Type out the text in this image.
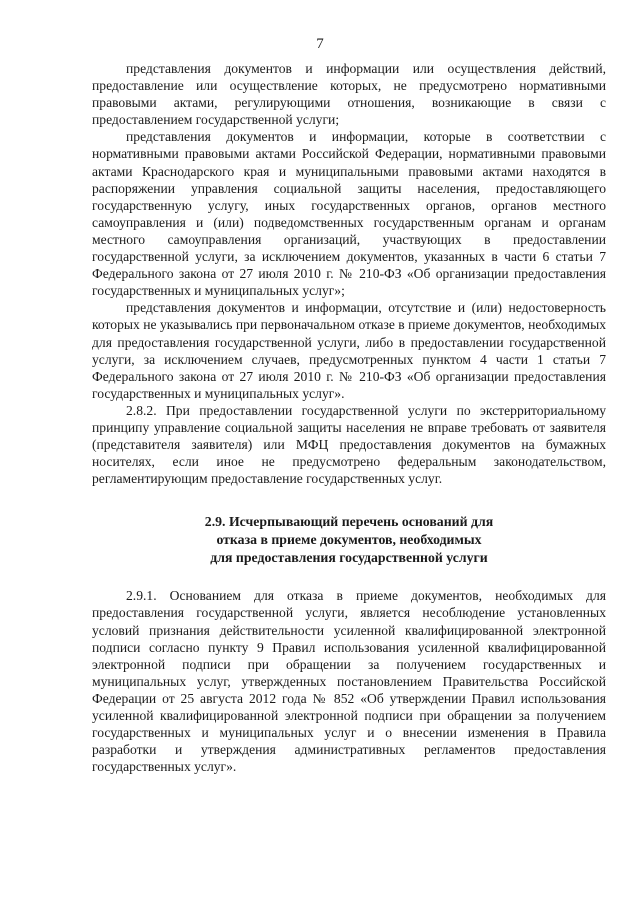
7

представления документов и информации или осуществления действий, предоставление или осуществление которых, не предусмотрено нормативными правовыми актами, регулирующими отношения, возникающие в связи с предоставлением государственной услуги;

представления документов и информации, которые в соответствии с нормативными правовыми актами Российской Федерации, нормативными правовыми актами Краснодарского края и муниципальными правовыми актами находятся в распоряжении управления социальной защиты населения, предоставляющего государственную услугу, иных государственных органов, органов местного самоуправления и (или) подведомственных государственным органам и органам местного самоуправления организаций, участвующих в предоставлении государственной услуги, за исключением документов, указанных в части 6 статьи 7 Федерального закона от 27 июля 2010 г. № 210-ФЗ «Об организации предоставления государственных и муниципальных услуг»;

представления документов и информации, отсутствие и (или) недостоверность которых не указывались при первоначальном отказе в приеме документов, необходимых для предоставления государственной услуги, либо в предоставлении государственной услуги, за исключением случаев, предусмотренных пунктом 4 части 1 статьи 7 Федерального закона от 27 июля 2010 г. № 210-ФЗ «Об организации предоставления государственных и муниципальных услуг».

2.8.2. При предоставлении государственной услуги по экстерриториальному принципу управление социальной защиты населения не вправе требовать от заявителя (представителя заявителя) или МФЦ предоставления документов на бумажных носителях, если иное не предусмотрено федеральным законодательством, регламентирующим предоставление государственных услуг.

2.9. Исчерпывающий перечень оснований для

отказа в приеме документов, необходимых

для предоставления государственной услуги

2.9.1. Основанием для отказа в приеме документов, необходимых для предоставления государственной услуги, является несоблюдение установленных условий признания действительности усиленной квалифицированной электронной подписи согласно пункту 9 Правил использования усиленной квалифицированной электронной подписи при обращении за получением государственных и муниципальных услуг, утвержденных постановлением Правительства Российской Федерации от 25 августа 2012 года № 852 «Об утверждении Правил использования усиленной квалифицированной электронной подписи при обращении за получением государственных и муниципальных услуг и о внесении изменения в Правила разработки и утверждения административных регламентов предоставления государственных услуг».
